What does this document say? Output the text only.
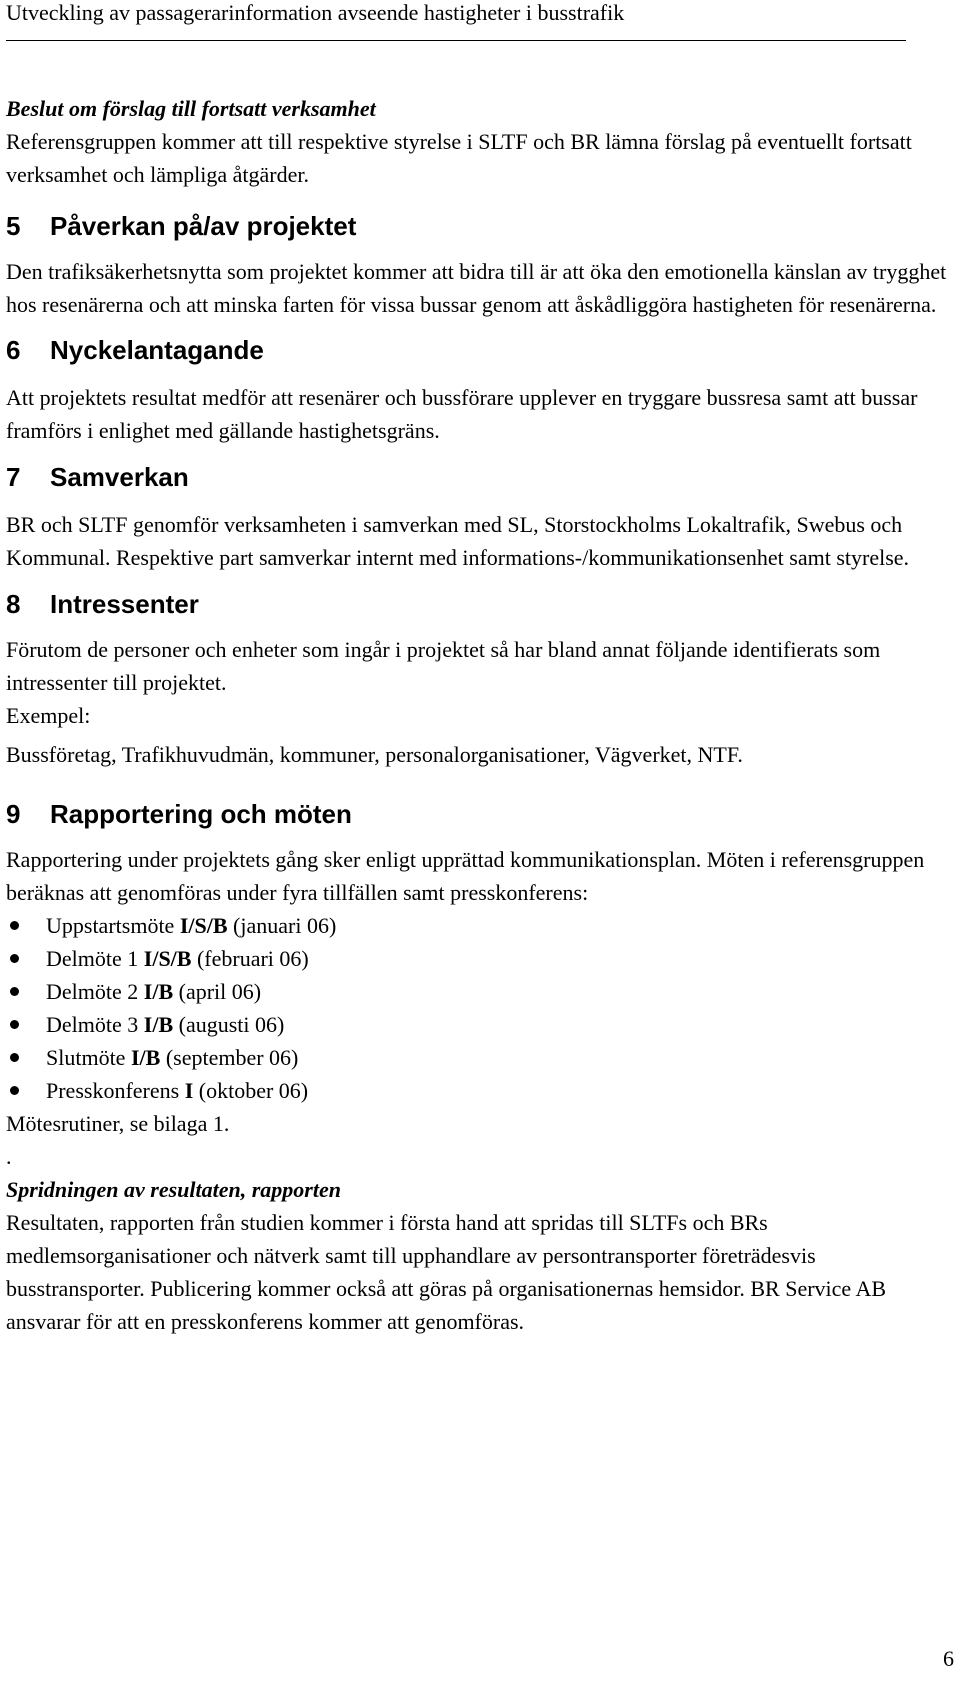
Utveckling av passagerarinformation avseende hastigheter i busstrafik

Beslut om förslag till fortsatt verksamhet

Referensgruppen kommer att till respektive styrelse i SLTF och BR lämna förslag på eventuellt fortsatt verksamhet och lämpliga åtgärder.

5 Påverkan på/av projektet

Den trafiksäkerhetsnytta som projektet kommer att bidra till är att öka den emotionella känslan av trygghet hos resenärerna och att minska farten för vissa bussar genom att åskådliggöra hastigheten för resenärerna.

6 Nyckelantagande

Att projektets resultat medför att resenärer och bussförare upplever en tryggare bussresa samt att bussar framförs i enlighet med gällande hastighetsgräns.

7 Samverkan

BR och SLTF genomför verksamheten i samverkan med SL, Storstockholms Lokaltrafik, Swebus och Kommunal. Respektive part samverkar internt med informations-/kommunikationsenhet samt styrelse.

8 Intressenter

Förutom de personer och enheter som ingår i projektet så har bland annat följande identifierats som intressenter till projektet.

Exempel:

Bussföretag, Trafikhuvudmän, kommuner, personalorganisationer, Vägverket, NTF.

9 Rapportering och möten

Rapportering under projektets gång sker enligt upprättad kommunikationsplan. Möten i referensgruppen beräknas att genomföras under fyra tillfällen samt presskonferens:

Uppstartsmöte I/S/B (januari 06)
Delmöte 1 I/S/B (februari 06)
Delmöte 2 I/B (april 06)
Delmöte 3 I/B (augusti 06)
Slutmöte I/B (september 06)
Presskonferens I (oktober 06)

Mötesrutiner, se bilaga 1.

.

Spridningen av resultaten, rapporten

Resultaten, rapporten från studien kommer i första hand att spridas till SLTFs och BRs medlemsorganisationer och nätverk samt till upphandlare av persontransporter företrädesvis busstransporter. Publicering kommer också att göras på organisationernas hemsidor. BR Service AB ansvarar för att en presskonferens kommer att genomföras.

6
